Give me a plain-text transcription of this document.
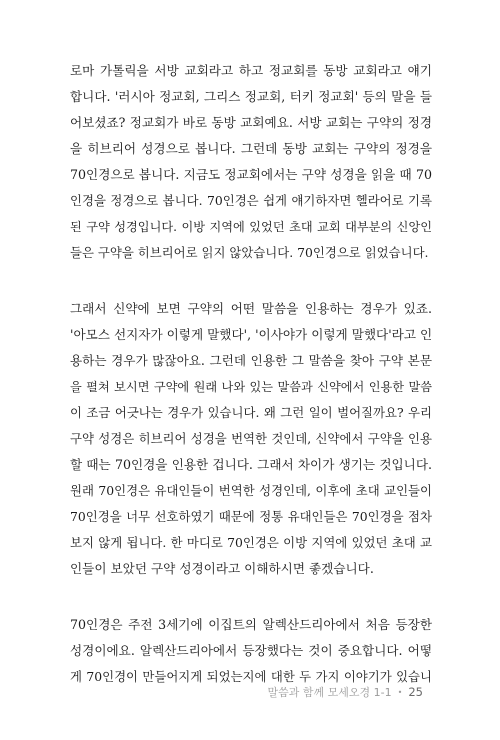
로마 가톨릭을 서방 교회라고 하고 정교회를 동방 교회라고 얘기
합니다. '러시아 정교회, 그리스 정교회, 터키 정교회' 등의 말을 들
어보셨죠? 정교회가 바로 동방 교회예요. 서방 교회는 구약의 정경
을 히브리어 성경으로 봅니다. 그런데 동방 교회는 구약의 정경을
70인경으로 봅니다. 지금도 정교회에서는 구약 성경을 읽을 때 70
인경을 정경으로 봅니다. 70인경은 쉽게 얘기하자면 헬라어로 기록
된 구약 성경입니다. 이방 지역에 있었던 초대 교회 대부분의 신앙인
들은 구약을 히브리어로 읽지 않았습니다. 70인경으로 읽었습니다.

그래서 신약에 보면 구약의 어떤 말씀을 인용하는 경우가 있죠.
'아모스 선지자가 이렇게 말했다', '이사야가 이렇게 말했다'라고 인
용하는 경우가 많잖아요. 그런데 인용한 그 말씀을 찾아 구약 본문
을 펼쳐 보시면 구약에 원래 나와 있는 말씀과 신약에서 인용한 말씀
이 조금 어긋나는 경우가 있습니다. 왜 그런 일이 벌어질까요? 우리
구약 성경은 히브리어 성경을 번역한 것인데, 신약에서 구약을 인용
할 때는 70인경을 인용한 겁니다. 그래서 차이가 생기는 것입니다.
원래 70인경은 유대인들이 번역한 성경인데, 이후에 초대 교인들이
70인경을 너무 선호하였기 때문에 정통 유대인들은 70인경을 점차
보지 않게 됩니다. 한 마디로 70인경은 이방 지역에 있었던 초대 교
인들이 보았던 구약 성경이라고 이해하시면 좋겠습니다.

70인경은 주전 3세기에 이집트의 알렉산드리아에서 처음 등장한
성경이에요. 알렉산드리아에서 등장했다는 것이 중요합니다. 어떻
게 70인경이 만들어지게 되었는지에 대한 두 가지 이야기가 있습니

말씀과 함께 모세오경 1-1 • 25
